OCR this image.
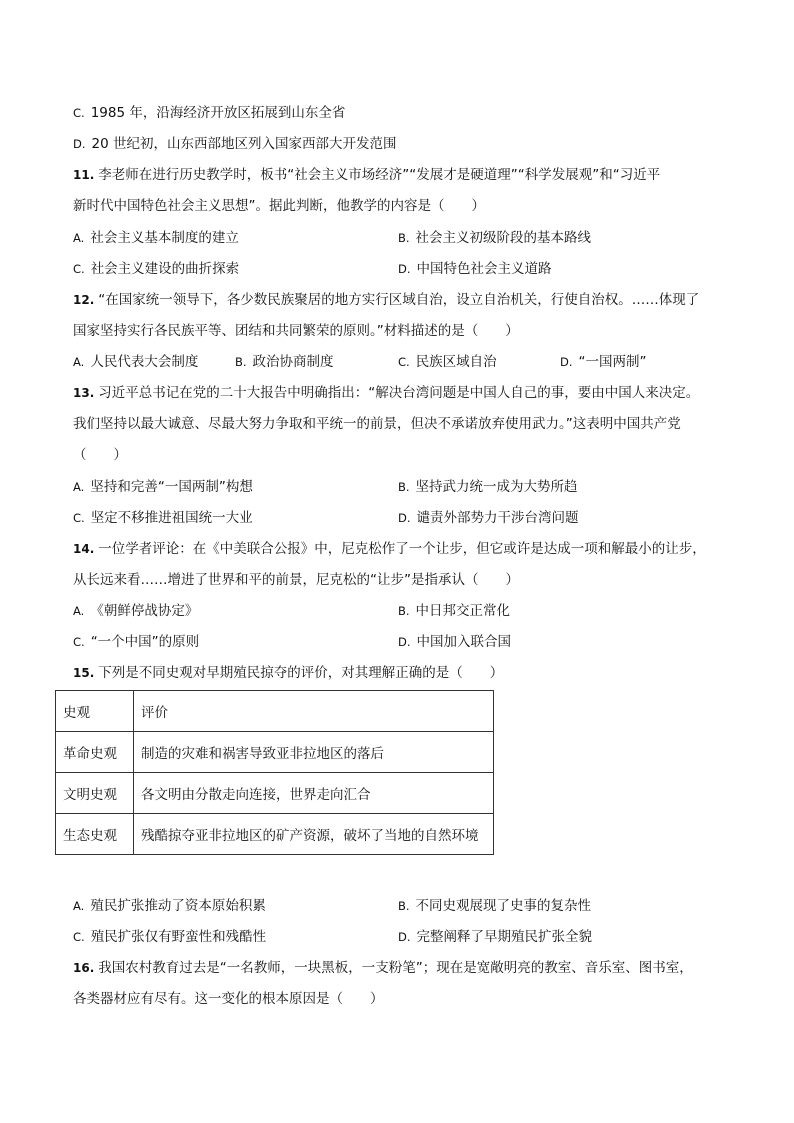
C. 1985 年，沿海经济开放区拓展到山东全省
D. 20 世纪初，山东西部地区列入国家西部大开发范围
11. 李老师在进行历史教学时，板书“社会主义市场经济”“发展才是硬道理”“科学发展观”和“习近平
新时代中国特色社会主义思想”。据此判断，他教学的内容是（　　）
A. 社会主义基本制度的建立	B. 社会主义初级阶段的基本路线
C. 社会主义建设的曲折探索	D. 中国特色社会主义道路
12. “在国家统一领导下，各少数民族聚居的地方实行区域自治，设立自治机关，行使自治权。……体现了
国家坚持实行各民族平等、团结和共同繁荣的原则。”材料描述的是（　　）
A. 人民代表大会制度	B. 政治协商制度	C. 民族区域自治	D. “一国两制”
13. 习近平总书记在党的二十大报告中明确指出：“解决台湾问题是中国人自己的事，要由中国人来决定。
我们坚持以最大诚意、尽最大努力争取和平统一的前景，但决不承诺放弃使用武力。”这表明中国共产党
（　　）
A. 坚持和完善“一国两制”构想	B. 坚持武力统一成为大势所趋
C. 坚定不移推进祖国统一大业	D. 谴责外部势力干涉台湾问题
14. 一位学者评论：在《中美联合公报》中，尼克松作了一个让步，但它或许是达成一项和解最小的让步，
从长远来看……增进了世界和平的前景，尼克松的“让步”是指承认（　　）
A. 《朝鲜停战协定》	B. 中日邦交正常化
C. “一个中国”的原则	D. 中国加入联合国
15. 下列是不同史观对早期殖民掠夺的评价，对其理解正确的是（　　）
史观	评价
革命史观	制造的灾难和祸害导致亚非拉地区的落后
文明史观	各文明由分散走向连接，世界走向汇合
生态史观	残酷掠夺亚非拉地区的矿产资源，破坏了当地的自然环境
A. 殖民扩张推动了资本原始积累	B. 不同史观展现了史事的复杂性
C. 殖民扩张仅有野蛮性和残酷性	D. 完整阐释了早期殖民扩张全貌
16. 我国农村教育过去是“一名教师，一块黑板，一支粉笔”；现在是宽敞明亮的教室、音乐室、图书室，
各类器材应有尽有。这一变化的根本原因是（　　）
